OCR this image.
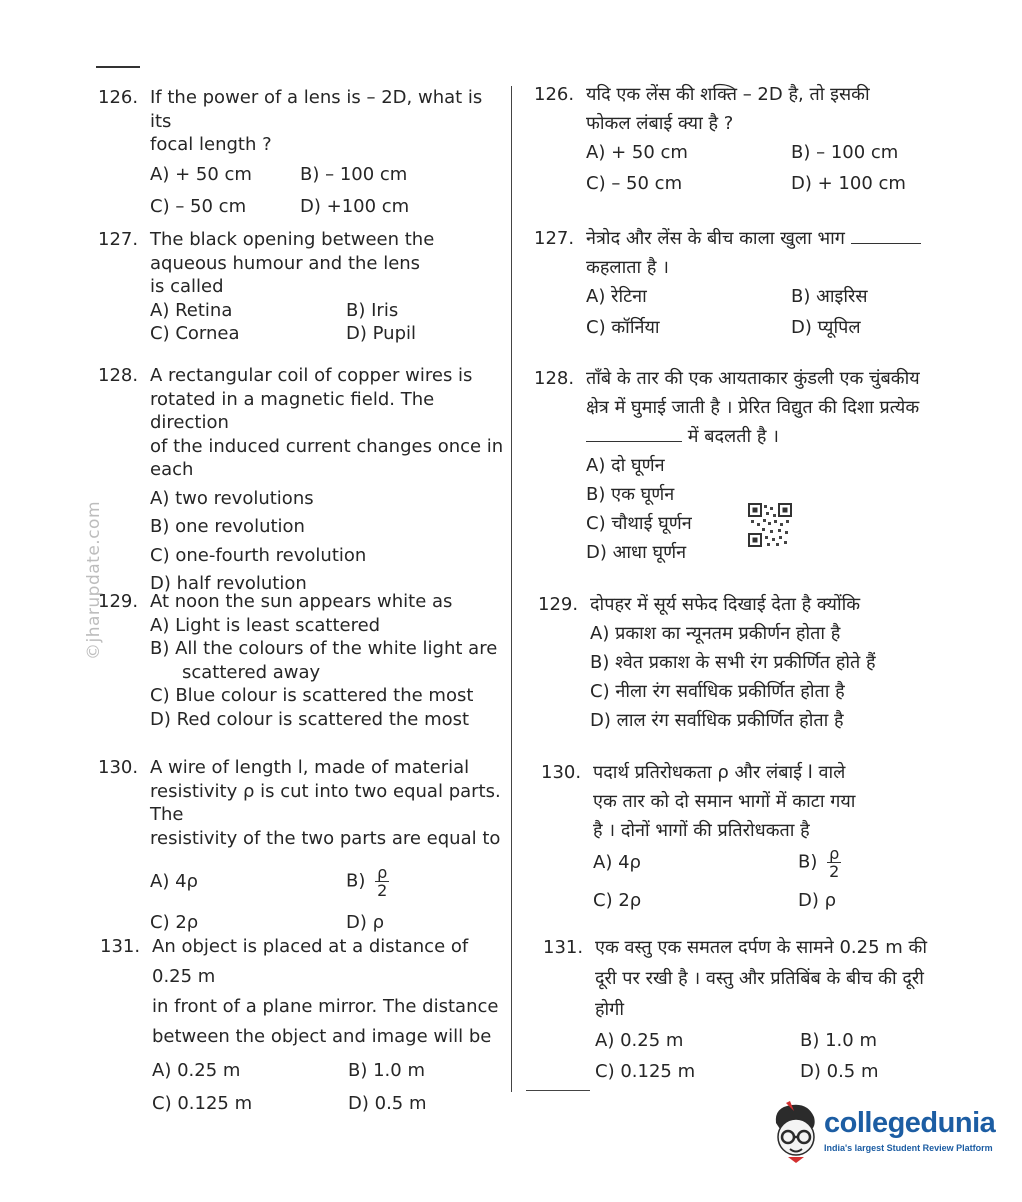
©jharupdate.com
126. If the power of a lens is – 2D, what is its
focal length ?
A) + 50 cm	B) – 100 cm
C) – 50 cm	D) +100 cm
127. The black opening between the
aqueous humour and the lens
is called
A) Retina	B) Iris
C) Cornea	D) Pupil
128. A rectangular coil of copper wires is
rotated in a magnetic field. The direction
of the induced current changes once in
each
A) two revolutions
B) one revolution
C) one-fourth revolution
D) half revolution
129. At noon the sun appears white as
A) Light is least scattered
B) All the colours of the white light are scattered away
C) Blue colour is scattered the most
D) Red colour is scattered the most
130. A wire of length l, made of material
resistivity ρ is cut into two equal parts. The
resistivity of the two parts are equal to
A) 4ρ	$B) \frac{\rho}{2}$
C) 2ρ	D) ρ
131. An object is placed at a distance of 0.25 m
in front of a plane mirror. The distance
between the object and image will be
A) 0.25 m	B) 1.0 m
C) 0.125 m	D) 0.5 m
126. यदि एक लेंस की शक्ति – 2D है, तो इसकी
फोकल लंबाई क्या है ?
A) + 50 cm	B) – 100 cm
C) – 50 cm	D) + 100 cm
127. नेत्रोद और लेंस के बीच काला खुला भाग
कहलाता है ।
A) रेटिना	B) आइरिस
C) कॉर्निया	D) प्यूपिल
128. ताँबे के तार की एक आयताकार कुंडली एक चुंबकीय
क्षेत्र में घुमाई जाती है । प्रेरित विद्युत की दिशा प्रत्येक
में बदलती है ।
A) दो घूर्णन
B) एक घूर्णन
C) चौथाई घूर्णन
D) आधा घूर्णन
129. दोपहर में सूर्य सफेद दिखाई देता है क्योंकि
A) प्रकाश का न्यूनतम प्रकीर्णन होता है
B) श्वेत प्रकाश के सभी रंग प्रकीर्णित होते हैं
C) नीला रंग सर्वाधिक प्रकीर्णित होता है
D) लाल रंग सर्वाधिक प्रकीर्णित होता है
130. पदार्थ प्रतिरोधकता ρ और लंबाई l वाले
एक तार को दो समान भागों में काटा गया
है । दोनों भागों की प्रतिरोधकता है
A) 4ρ	$B) \frac{\rho}{2}$
C) 2ρ	D) ρ
131. एक वस्तु एक समतल दर्पण के सामने 0.25 m की
दूरी पर रखी है । वस्तु और प्रतिबिंब के बीच की दूरी
होगी
A) 0.25 m	B) 1.0 m
C) 0.125 m	D) 0.5 m
collegedunia
India's largest Student Review Platform
